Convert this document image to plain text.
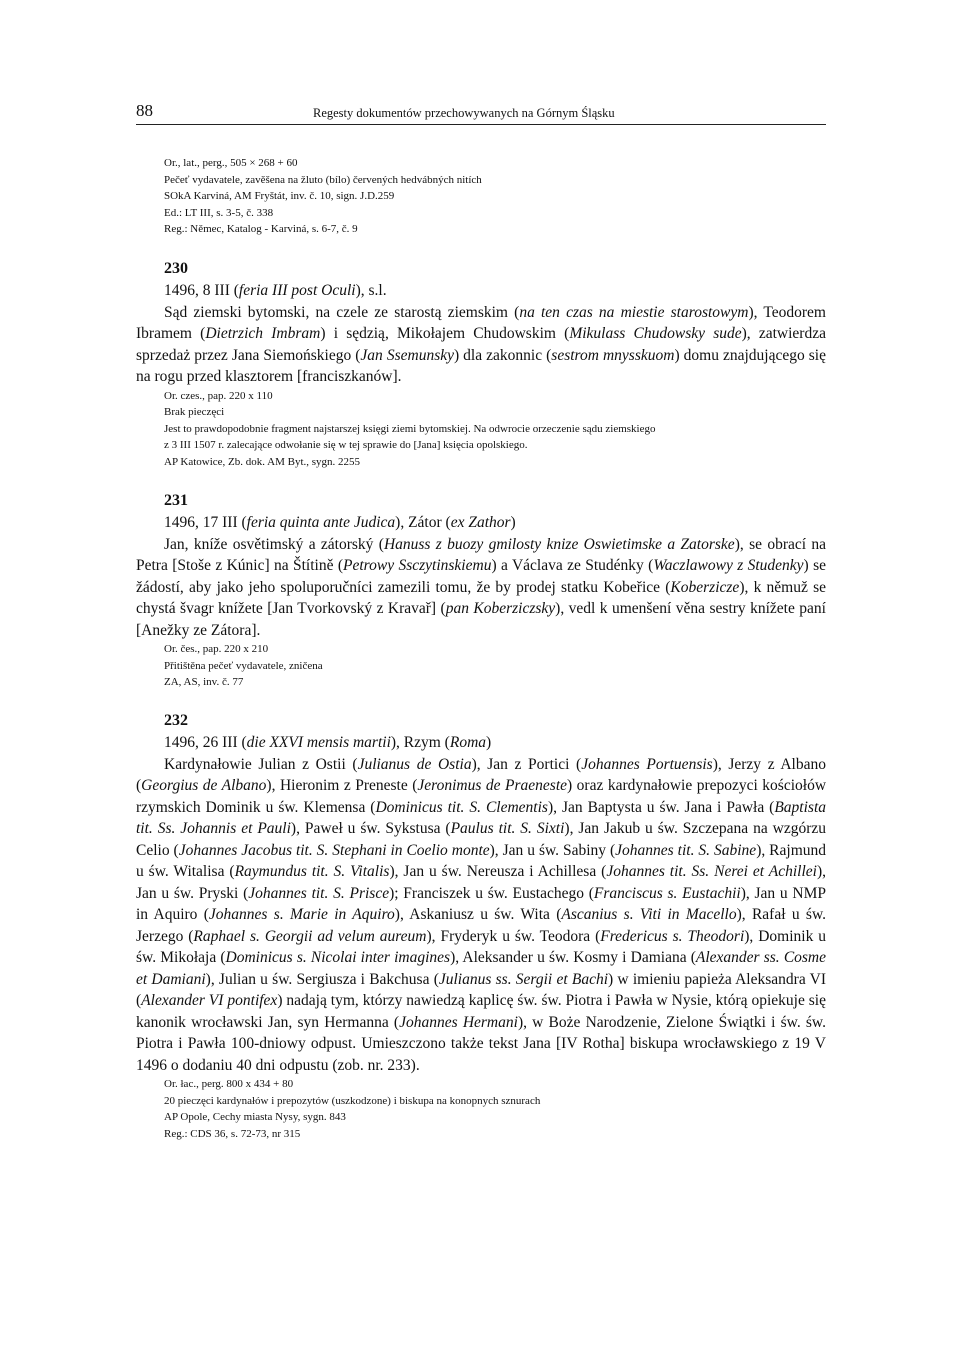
88	Regesty dokumentów przechowywanych na Górnym Śląsku
Or., lat., perg., 505 × 268 + 60
Pečeť vydavatele, zavěšena na žluto (bílo) červených hedvábných nitích
SOkA Karviná, AM Fryštát, inv. č. 10, sign. J.D.259
Ed.: LT III, s. 3-5, č. 338
Reg.: Němec, Katalog - Karviná, s. 6-7, č. 9
230
1496, 8 III (feria III post Oculi), s.l.

Sąd ziemski bytomski, na czele ze starostą ziemskim (na ten czas na miestie starostowym), Teodorem Ibramem (Dietrzich Imbram) i sędzią, Mikołajem Chudowskim (Mikulass Chudowsky sude), zatwierdza sprzedaż przez Jana Siemońskiego (Jan Ssemunsky) dla zakonnic (sestrom mnysskuom) domu znajdującego się na rogu przed klasztorem [franciszkanów].

Or. czes., pap. 220 x 110
Brak pieczęci
Jest to prawdopodobnie fragment najstarszej księgi ziemi bytomskiej. Na odwrocie orzeczenie sądu ziemskiego
z 3 III 1507 r. zalecające odwołanie się w tej sprawie do [Jana] księcia opolskiego.
AP Katowice, Zb. dok. AM Byt., sygn. 2255
231
1496, 17 III (feria quinta ante Judica), Zátor (ex Zathor)

Jan, kníže osvětimský a zátorský (Hanuss z buozy gmilosty knize Oswietimske a Zatorske), se obrací na Petra [Stoše z Kúnic] na Štítině (Petrowy Ssczytinskiemu) a Václava ze Studénky (Waczlawowy z Studenky) se žádostí, aby jako jeho spoluporučníci zamezili tomu, že by prodej statku Kobeřice (Koberzicze), k němuž se chystá švagr knížete [Jan Tvorkovský z Kravař] (pan Koberziczsky), vedl k umenšení věna sestry knížete paní [Anežky ze Zátora].

Or. čes., pap. 220 x 210
Přitištěna pečeť vydavatele, zničena
ZA, AS, inv. č. 77
232
1496, 26 III (die XXVI mensis martii), Rzym (Roma)

Kardynałowie Julian z Ostii (Julianus de Ostia), Jan z Portici (Johannes Portuensis), Jerzy z Albano (Georgius de Albano), Hieronim z Preneste (Jeronimus de Praeneste) oraz kardynałowie prepozyci kościołów rzymskich Dominik u św. Klemensa (Dominicus tit. S. Clementis), Jan Baptysta u św. Jana i Pawła (Baptista tit. Ss. Johannis et Pauli), Paweł u św. Sykstusa (Paulus tit. S. Sixti), Jan Jakub u św. Szczepana na wzgórzu Celio (Johannes Jacobus tit. S. Stephani in Coelio monte), Jan u św. Sabiny (Johannes tit. S. Sabine), Rajmund u św. Witalisa (Raymundus tit. S. Vitalis), Jan u św. Nereusza i Achillesa (Johannes tit. Ss. Nerei et Achillei), Jan u św. Pryski (Johannes tit. S. Prisce); Franciszek u św. Eustachego (Franciscus s. Eustachii), Jan u NMP in Aquiro (Johannes s. Marie in Aquiro), Askaniusz u św. Wita (Ascanius s. Viti in Macello), Rafał u św. Jerzego (Raphael s. Georgii ad velum aureum), Fryderyk u św. Teodora (Fredericus s. Theodori), Dominik u św. Mikołaja (Dominicus s. Nicolai inter imagines), Aleksander u św. Kosmy i Damiana (Alexander ss. Cosme et Damiani), Julian u św. Sergiusza i Bakchusa (Julianus ss. Sergii et Bachi) w imieniu papieża Aleksandra VI (Alexander VI pontifex) nadają tym, którzy nawiedzą kaplicę św. św. Piotra i Pawła w Nysie, którą opiekuje się kanonik wrocławski Jan, syn Hermanna (Johannes Hermani), w Boże Narodzenie, Zielone Świątki i św. św. Piotra i Pawła 100-dniowy odpust. Umieszczono także tekst Jana [IV Rotha] biskupa wrocławskiego z 19 V 1496 o dodaniu 40 dni odpustu (zob. nr. 233).

Or. łac., perg. 800 x 434 + 80
20 pieczęci kardynałów i prepozytów (uszkodzone) i biskupa na konopnych sznurach
AP Opole, Cechy miasta Nysy, sygn. 843
Reg.: CDS 36, s. 72-73, nr 315
